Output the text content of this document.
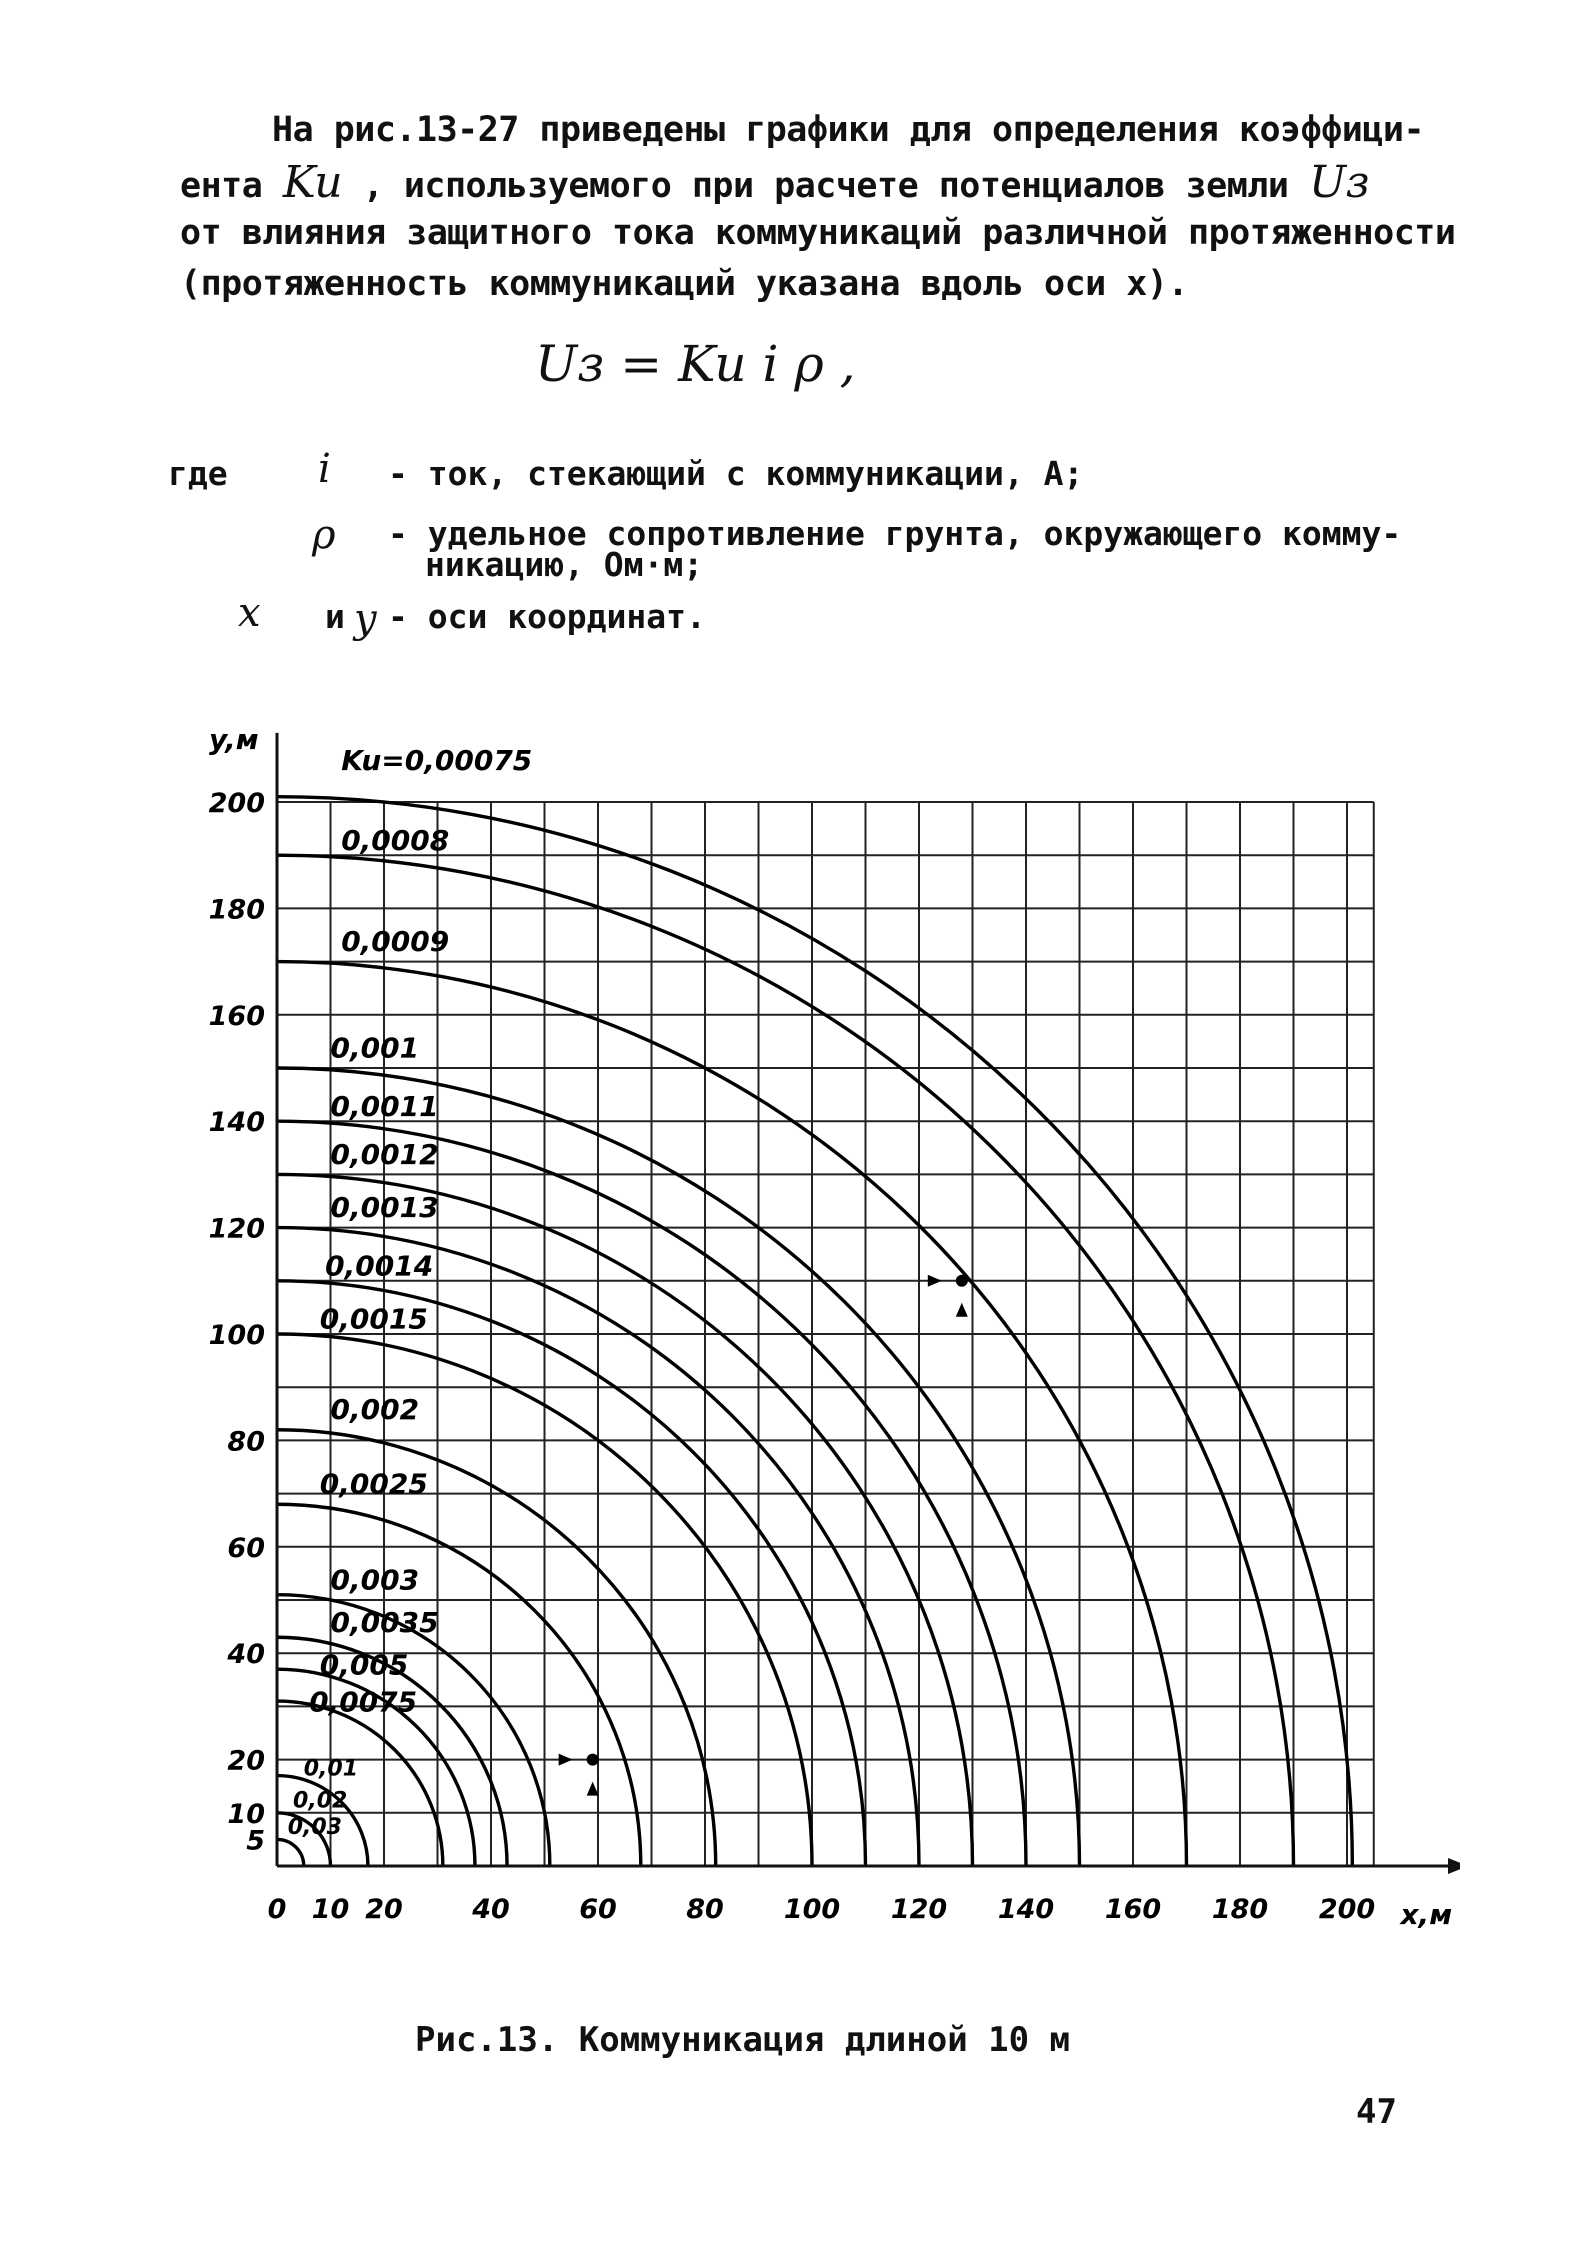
На рис.13-27 приведены графики для определения коэффици-
ента Ku , используемого при расчете потенциалов земли Uз
от влияния защитного тока коммуникаций различной протяженности
(протяженность коммуникаций указана вдоль оси x).
Uз = Ku i ρ ,
где i - ток, стекающий с коммуникации, А;
ρ - удельное сопротивление грунта, окружающего комму-
никацию, Ом·м;
x и y - оси координат.
Ku=0,00075
0,0008
0,0009
0,001
0,0011
0,0012
0,0013
0,0014
0,0015
0,002
0,0025
0,003
0,0035
0,005
0,0075
0,01
0,02
0,03
0 10 20	40	60	80 100 120 140 160 180 200
5
10
20
40
60
80
100
120
140
160
180
200
x,м
y,м
Рис.13. Коммуникация длиной 10 м
47
